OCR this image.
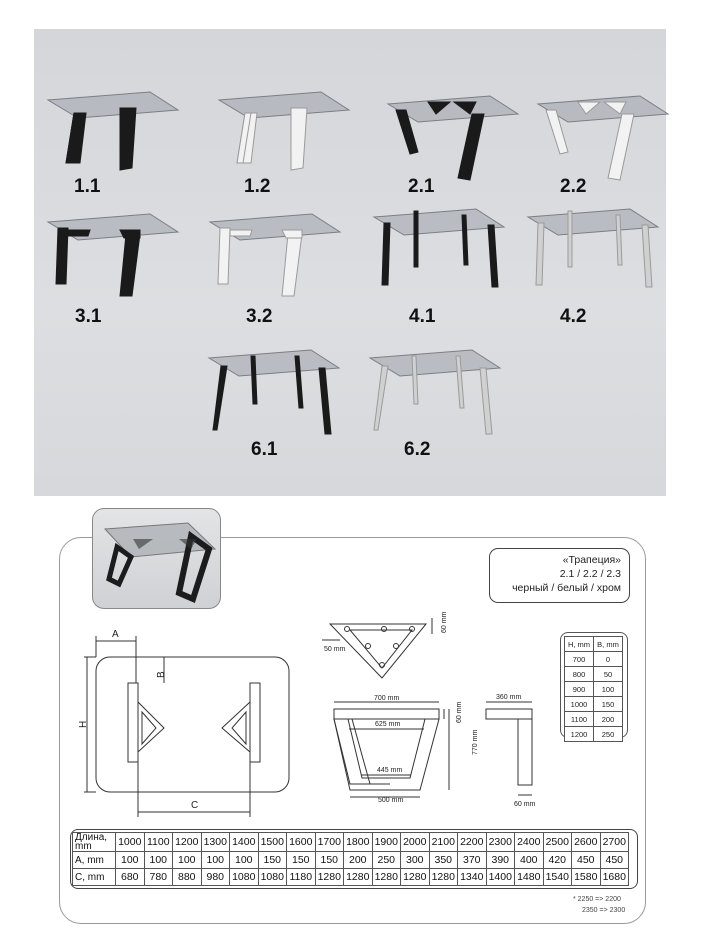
1.1	1.2	2.1	2.2
3.1	3.2	4.1	4.2
6.1	6.2
«Трапеция»
2.1 / 2.2 / 2.3
черный / белый / хром
A
B
H
C
60 mm
50 mm
700 mm
625 mm
445 mm
500 mm
60 mm
770 mm
360 mm
60 mm
H, mm	B, mm
700	0
800	50
900	100
1000	150
1100	200
1200	250
Длина, mm	1000	1100	1200	1300	1400	1500	1600	1700	1800	1900	2000	2100	2200	2300	2400	2500	2600	2700
A, mm	100	100	100	100	100	150	150	150	200	250	300	350	370	390	400	420	450	450
C, mm	680	780	880	980	1080	1080	1180	1280	1280	1280	1280	1280	1340	1400	1480	1540	1580	1680
* 2250 => 2200
2350 => 2300
